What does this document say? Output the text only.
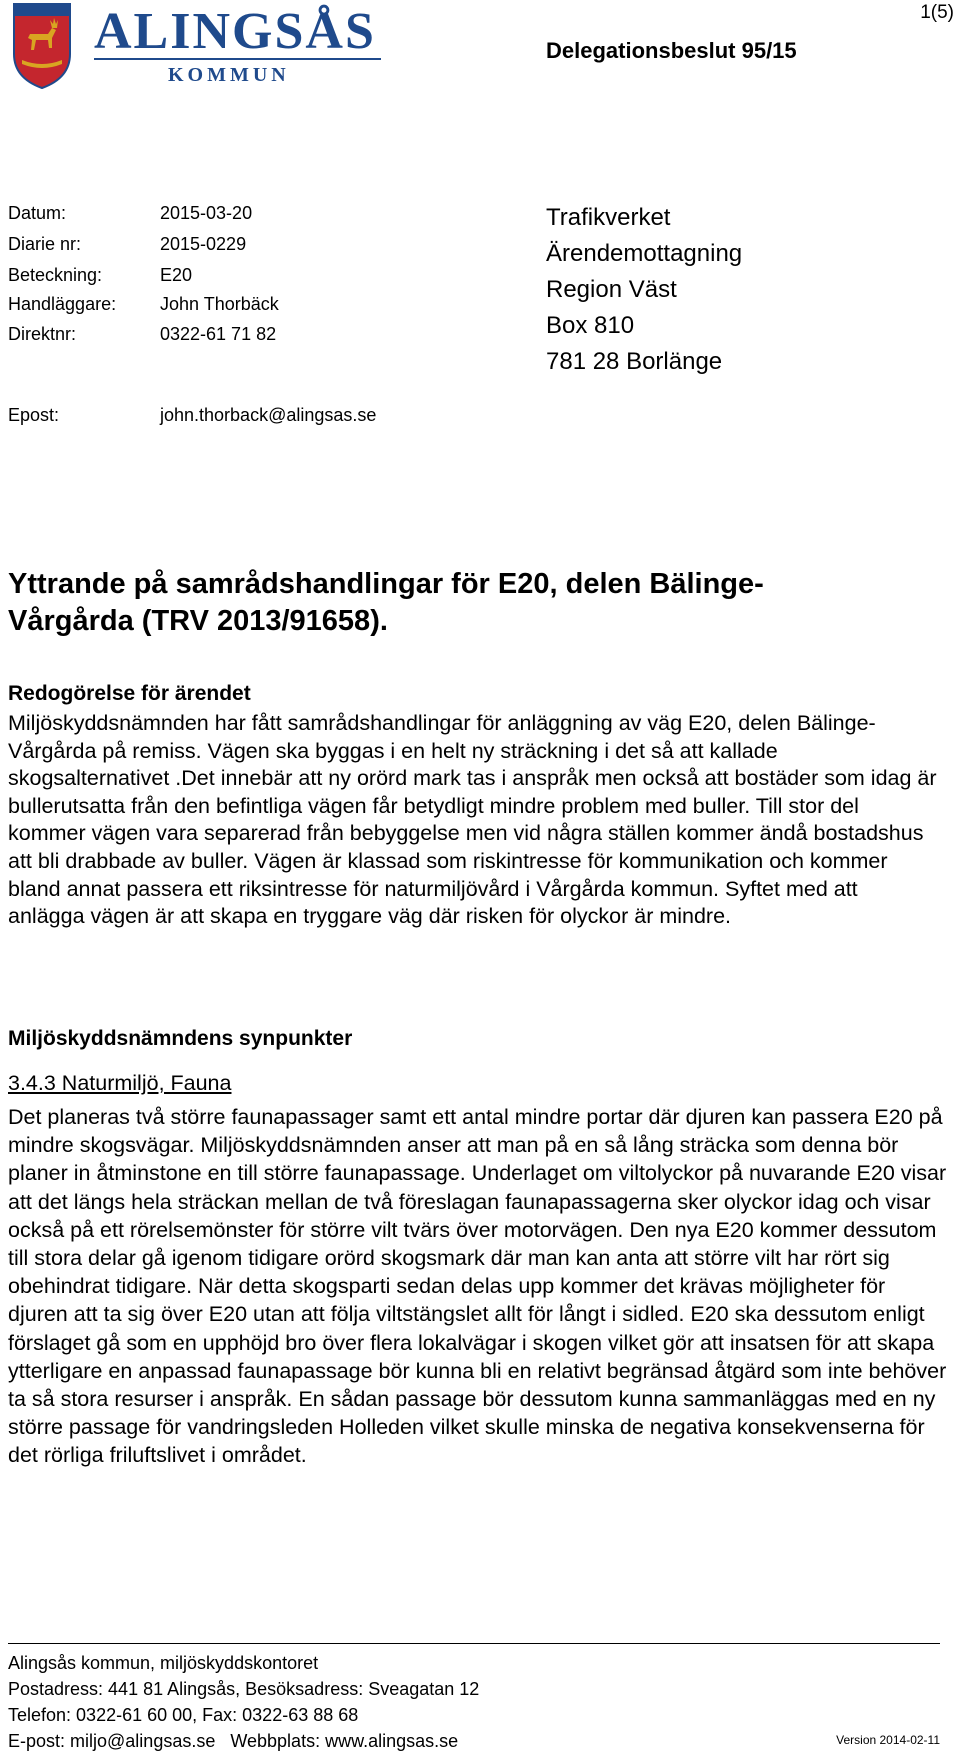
ALINGSÅS
KOMMUN
1(5)
Delegationsbeslut 95/15
Datum:	2015-03-20
Diarie nr:	2015-0229
Beteckning:	E20
Handläggare: John Thorbäck
Direktnr:	0322-61 71 82
Trafikverket
Ärendemottagning
Region Väst
Box 810
781 28 Borlänge
Epost:	john.thorback@alingsas.se
Yttrande på samrådshandlingar för E20, delen Bälinge-Vårgårda (TRV 2013/91658).
Redogörelse för ärendet
Miljöskyddsnämnden har fått samrådshandlingar för anläggning av väg E20, delen Bälinge-Vårgårda på remiss. Vägen ska byggas i en helt ny sträckning i det så att kallade skogsalternativet .Det innebär att ny orörd mark tas i anspråk men också att bostäder som idag är bullerutsatta från den befintliga vägen får betydligt mindre problem med buller. Till stor del kommer vägen vara separerad från bebyggelse men vid några ställen kommer ändå bostadshus att bli drabbade av buller. Vägen är klassad som riskintresse för kommunikation och kommer bland annat passera ett riksintresse för naturmiljövård i Vårgårda kommun. Syftet med att anlägga vägen är att skapa en tryggare väg där risken för olyckor är mindre.
Miljöskyddsnämndens synpunkter
3.4.3 Naturmiljö, Fauna
Det planeras två större faunapassager samt ett antal mindre portar där djuren kan passera E20 på mindre skogsvägar. Miljöskyddsnämnden anser att man på en så lång sträcka som denna bör planer in åtminstone en till större faunapassage. Underlaget om viltolyckor på nuvarande E20 visar att det längs hela sträckan mellan de två föreslagan faunapassagerna sker olyckor idag och visar också på ett rörelsemönster för större vilt tvärs över motorvägen. Den nya E20 kommer dessutom till stora delar gå igenom tidigare orörd skogsmark där man kan anta att större vilt har rört sig obehindrat tidigare. När detta skogsparti sedan delas upp kommer det krävas möjligheter för djuren att ta sig över E20 utan att följa viltstängslet allt för långt i sidled. E20 ska dessutom enligt förslaget gå som en upphöjd bro över flera lokalvägar i skogen vilket gör att insatsen för att skapa ytterligare en anpassad faunapassage bör kunna bli en relativt begränsad åtgärd som inte behöver ta så stora resurser i anspråk. En sådan passage bör dessutom kunna sammanläggas med en ny större passage för vandringsleden Holleden vilket skulle minska de negativa konsekvenserna för det rörliga friluftslivet i området.
Alingsås kommun, miljöskyddskontoret
Postadress: 441 81 Alingsås, Besöksadress: Sveagatan 12
Telefon: 0322-61 60 00, Fax: 0322-63 88 68
E-post: miljo@alingsas.se   Webbplats: www.alingsas.se	Version 2014-02-11
